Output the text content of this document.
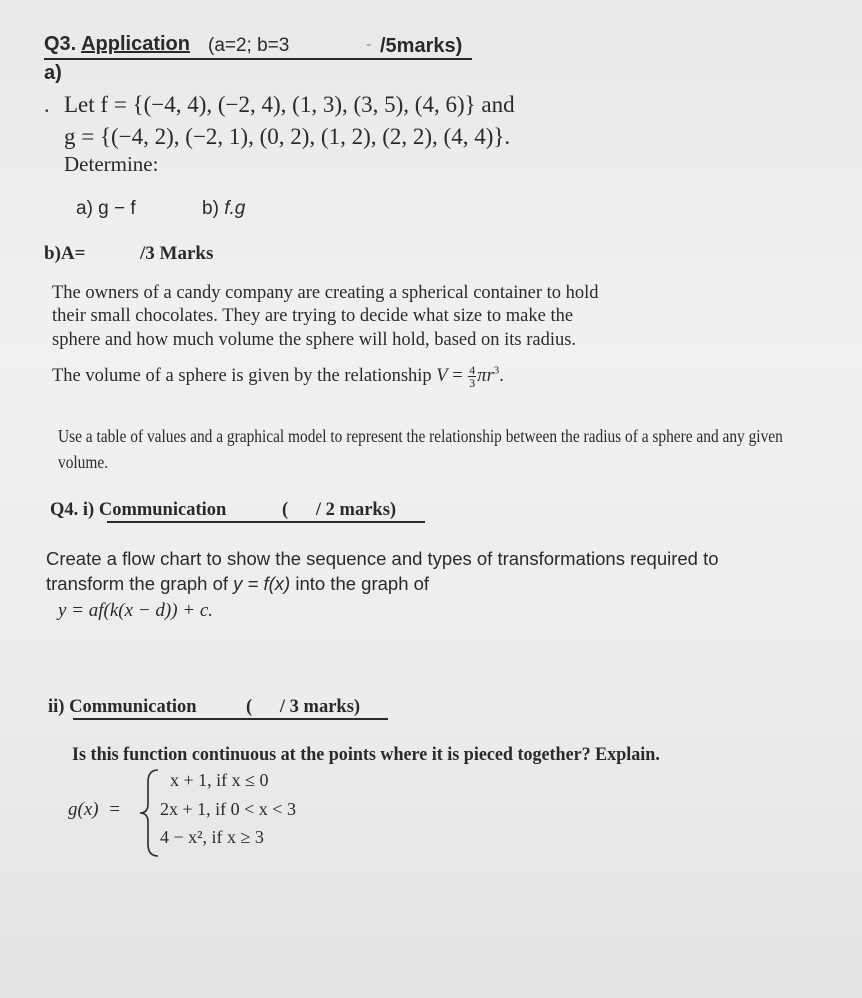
Q3. Application (a=2; b=3	- /5marks)
a)
. Let f = {(−4, 4), (−2, 4), (1, 3), (3, 5), (4, 6)} and
g = {(−4, 2), (−2, 1), (0, 2), (1, 2), (2, 2), (4, 4)}.
Determine:
a) g − f	b) f.g
b)A=	/3 Marks
The owners of a candy company are creating a spherical container to hold
their small chocolates. They are trying to decide what size to make the
sphere and how much volume the sphere will hold, based on its radius.
The volume of a sphere is given by the relationship $V = \frac{4}{3} \pi r^3$.
Use a table of values and a graphical model to represent the relationship between the radius of a sphere and any given
volume.
Q4. i) Communication	(      / 2 marks)
Create a flow chart to show the sequence and types of transformations required to
transform the graph of y = f(x) into the graph of
y = af(k(x − d)) + c.
ii) Communication	(      / 3 marks)
Is this function continuous at the points where it is pieced together? Explain.
g(x)  =
x + 1, if x ≤ 0
2x + 1, if 0 < x < 3
4 − x², if x ≥ 3
